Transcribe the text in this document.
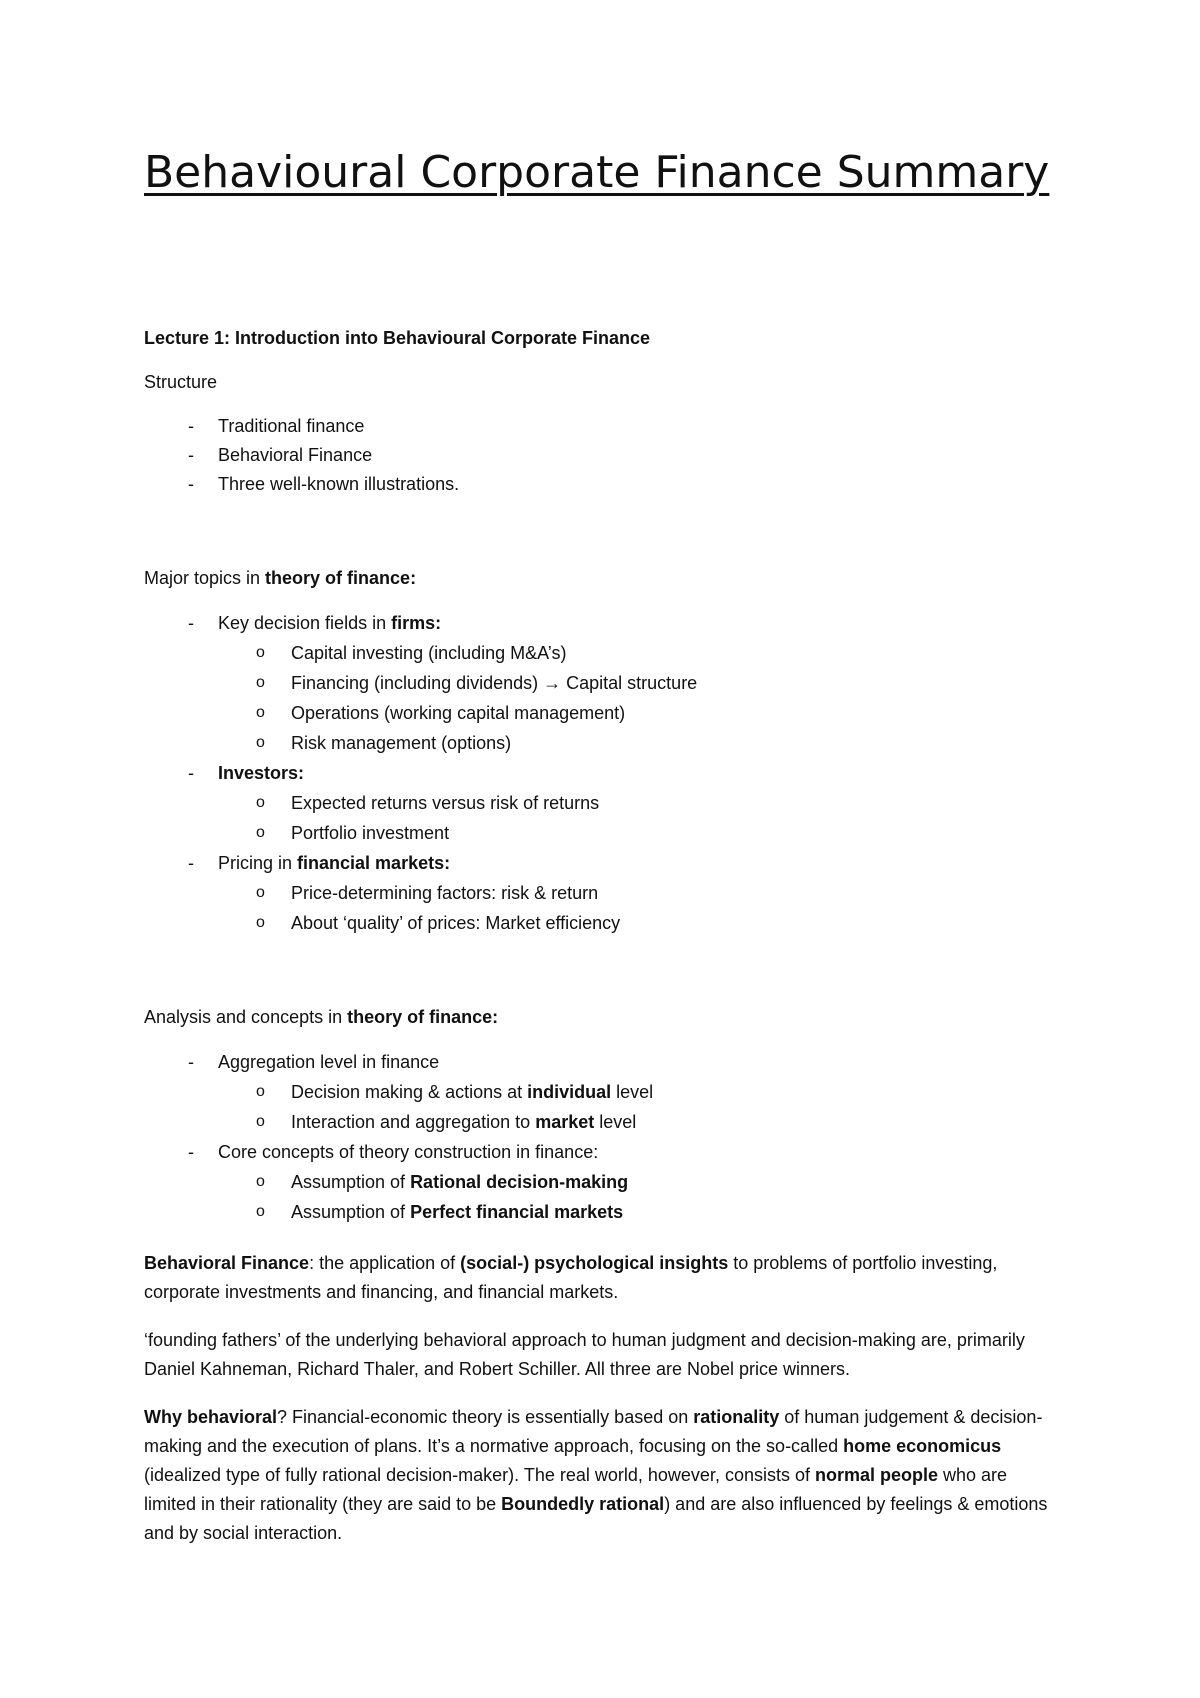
Behavioural Corporate Finance Summary
Lecture 1: Introduction into Behavioural Corporate Finance
Structure
- Traditional finance
- Behavioral Finance
- Three well-known illustrations.
Major topics in theory of finance:
- Key decision fields in firms:
o Capital investing (including M&A’s)
o Financing (including dividends) → Capital structure
o Operations (working capital management)
o Risk management (options)
- Investors:
o Expected returns versus risk of returns
o Portfolio investment
- Pricing in financial markets:
o Price-determining factors: risk & return
o About ‘quality’ of prices: Market efficiency
Analysis and concepts in theory of finance:
- Aggregation level in finance
o Decision making & actions at individual level
o Interaction and aggregation to market level
- Core concepts of theory construction in finance:
o Assumption of Rational decision-making
o Assumption of Perfect financial markets
Behavioral Finance: the application of (social-) psychological insights to problems of portfolio investing, corporate investments and financing, and financial markets.
‘founding fathers’ of the underlying behavioral approach to human judgment and decision-making are, primarily Daniel Kahneman, Richard Thaler, and Robert Schiller. All three are Nobel price winners.
Why behavioral? Financial-economic theory is essentially based on rationality of human judgement & decision-making and the execution of plans. It’s a normative approach, focusing on the so-called home economicus (idealized type of fully rational decision-maker). The real world, however, consists of normal people who are limited in their rationality (they are said to be Boundedly rational) and are also influenced by feelings & emotions and by social interaction.
